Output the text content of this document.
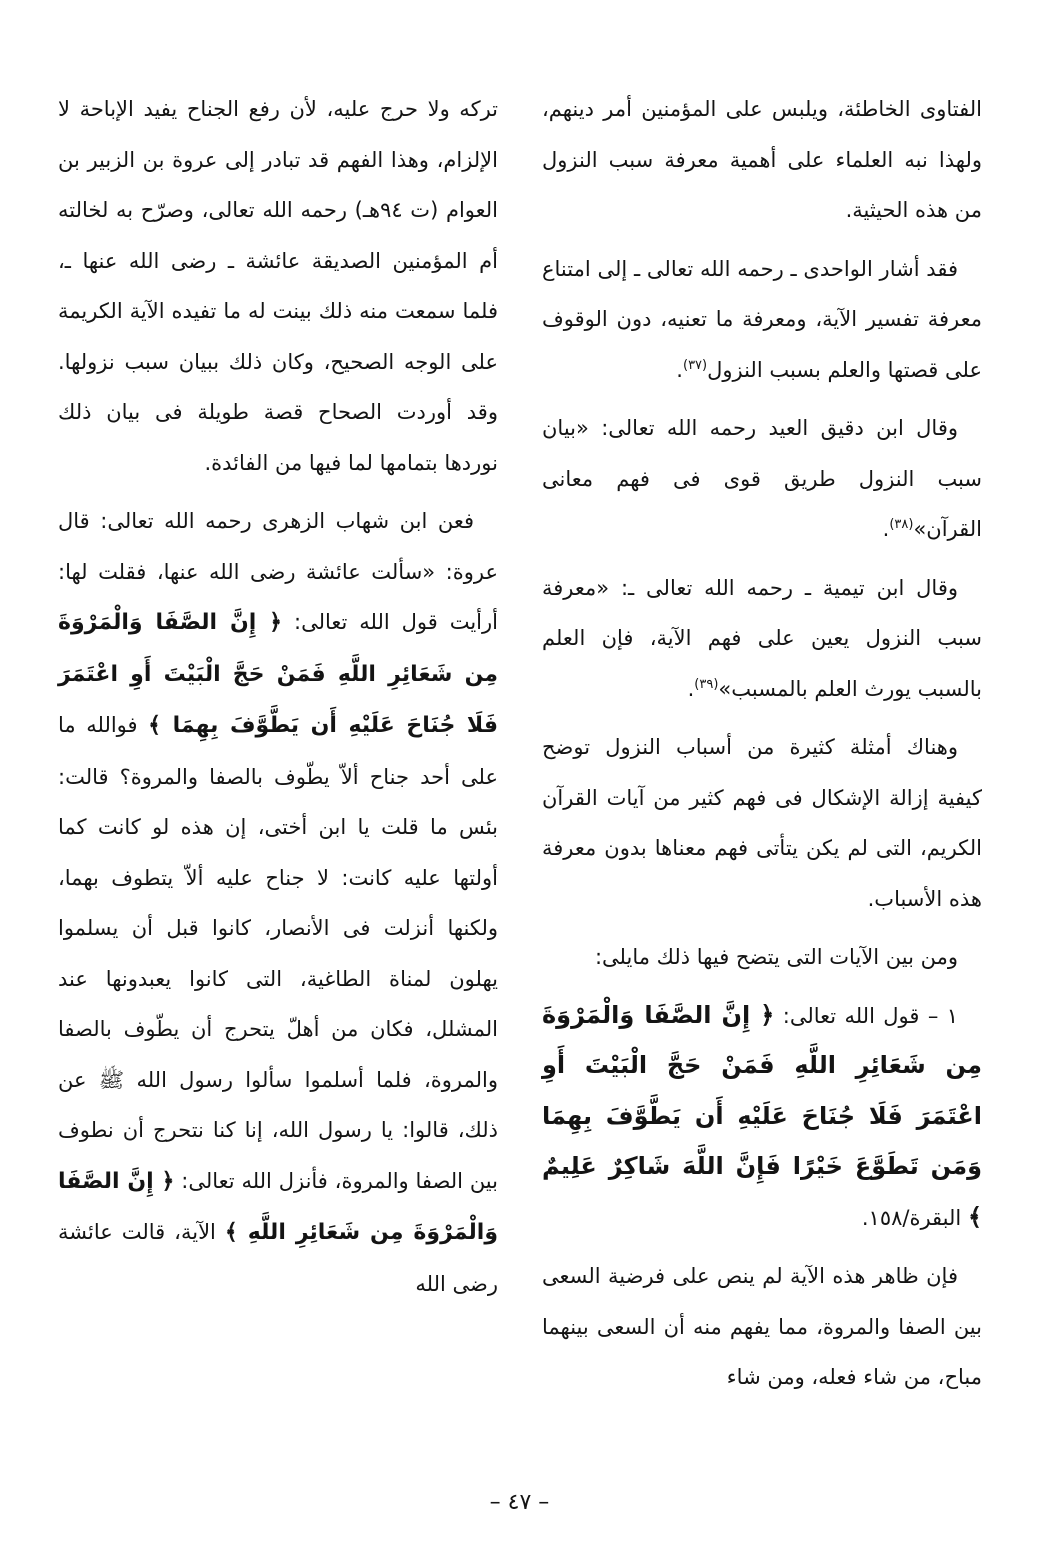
الفتاوى الخاطئة، ويلبس على المؤمنين أمر دينهم، ولهذا نبه العلماء على أهمية معرفة سبب النزول من هذه الحيثية.

فقد أشار الواحدى ـ رحمه الله تعالى ـ إلى امتناع معرفة تفسير الآية، ومعرفة ما تعنيه، دون الوقوف على قصتها والعلم بسبب النزول$^{(٣٧)}$.

وقال ابن دقيق العيد رحمه الله تعالى: «بيان سبب النزول طريق قوى فى فهم معانى القرآن»$^{(٣٨)}$.

وقال ابن تيمية ـ رحمه الله تعالى ـ: «معرفة سبب النزول يعين على فهم الآية، فإن العلم بالسبب يورث العلم بالمسبب»$^{(٣٩)}$.

وهناك أمثلة كثيرة من أسباب النزول توضح كيفية إزالة الإشكال فى فهم كثير من آيات القرآن الكريم، التى لم يكن يتأتى فهم معناها بدون معرفة هذه الأسباب.

ومن بين الآيات التى يتضح فيها ذلك مايلى:

١ – قول الله تعالى: ﴿ إِنَّ الصَّفَا وَالْمَرْوَةَ مِن شَعَائِرِ اللَّهِ فَمَنْ حَجَّ الْبَيْتَ أَوِ اعْتَمَرَ فَلَا جُنَاحَ عَلَيْهِ أَن يَطَّوَّفَ بِهِمَا وَمَن تَطَوَّعَ خَيْرًا فَإِنَّ اللَّهَ شَاكِرٌ عَلِيمٌ ﴾ البقرة/١٥٨.

فإن ظاهر هذه الآية لم ينص على فرضية السعى بين الصفا والمروة، مما يفهم منه أن السعى بينهما مباح، من شاء فعله، ومن شاء

تركه ولا حرج عليه، لأن رفع الجناح يفيد الإباحة لا الإلزام، وهذا الفهم قد تبادر إلى عروة بن الزبير بن العوام (ت ٩٤هـ) رحمه الله تعالى، وصرّح به لخالته أم المؤمنين الصديقة عائشة ـ رضى الله عنها ـ، فلما سمعت منه ذلك بينت له ما تفيده الآية الكريمة على الوجه الصحيح، وكان ذلك ببيان سبب نزولها. وقد أوردت الصحاح قصة طويلة فى بيان ذلك نوردها بتمامها لما فيها من الفائدة.

فعن ابن شهاب الزهرى رحمه الله تعالى: قال عروة: «سألت عائشة رضى الله عنها، فقلت لها: أرأيت قول الله تعالى: ﴿ إِنَّ الصَّفَا وَالْمَرْوَةَ مِن شَعَائِرِ اللَّهِ فَمَنْ حَجَّ الْبَيْتَ أَوِ اعْتَمَرَ فَلَا جُنَاحَ عَلَيْهِ أَن يَطَّوَّفَ بِهِمَا ﴾ فوالله ما على أحد جناح ألاّ يطّوف بالصفا والمروة؟ قالت: بئس ما قلت يا ابن أختى، إن هذه لو كانت كما أولتها عليه كانت: لا جناح عليه ألاّ يتطوف بهما، ولكنها أنزلت فى الأنصار، كانوا قبل أن يسلموا يهلون لمناة الطاغية، التى كانوا يعبدونها عند المشلل، فكان من أهلّ يتحرج أن يطّوف بالصفا والمروة، فلما أسلموا سألوا رسول الله ﷺ عن ذلك، قالوا: يا رسول الله، إنا كنا نتحرج أن نطوف بين الصفا والمروة، فأنزل الله تعالى: ﴿ إِنَّ الصَّفَا وَالْمَرْوَةَ مِن شَعَائِرِ اللَّهِ ﴾ الآية، قالت عائشة رضى الله

– ٤٧ –
